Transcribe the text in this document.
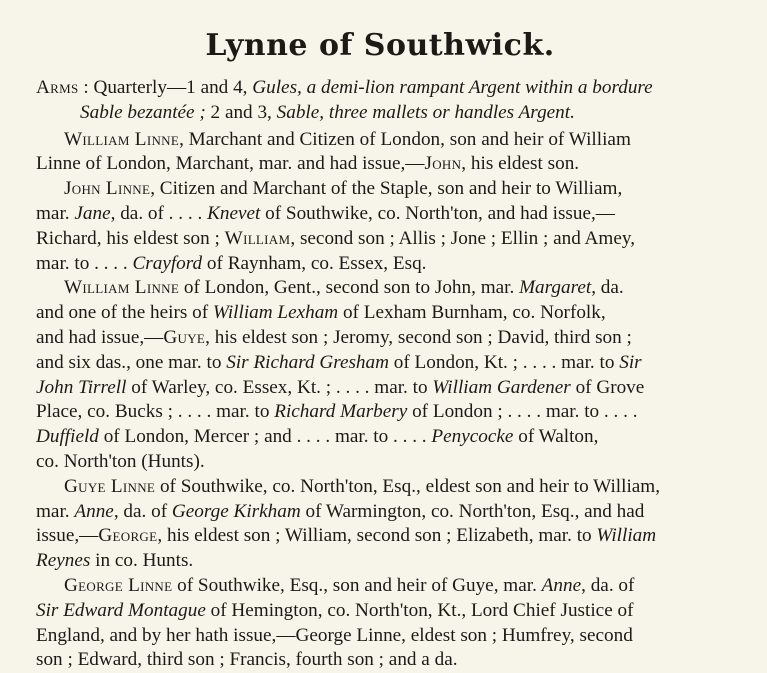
Lynne of Southwick.
Arms : Quarterly—1 and 4, Gules, a demi-lion rampant Argent within a bordure
Sable bezantée ; 2 and 3, Sable, three mallets or handles Argent.
William Linne, Marchant and Citizen of London, son and heir of William
Linne of London, Marchant, mar. and had issue,—John, his eldest son.
John Linne, Citizen and Marchant of the Staple, son and heir to William,
mar. Jane, da. of . . . . Knevet of Southwike, co. North'ton, and had issue,—
Richard, his eldest son ; William, second son ; Allis ; Jone ; Ellin ; and Amey,
mar. to . . . . Crayford of Raynham, co. Essex, Esq.
William Linne of London, Gent., second son to John, mar. Margaret, da.
and one of the heirs of William Lexham of Lexham Burnham, co. Norfolk,
and had issue,—Guye, his eldest son ; Jeromy, second son ; David, third son ;
and six das., one mar. to Sir Richard Gresham of London, Kt. ; . . . . mar. to Sir
John Tirrell of Warley, co. Essex, Kt. ; . . . . mar. to William Gardener of Grove
Place, co. Bucks ; . . . . mar. to Richard Marbery of London ; . . . . mar. to . . . .
Duffield of London, Mercer ; and . . . . mar. to . . . . Penycocke of Walton,
co. North'ton (Hunts).
Guye Linne of Southwike, co. North'ton, Esq., eldest son and heir to William,
mar. Anne, da. of George Kirkham of Warmington, co. North'ton, Esq., and had
issue,—George, his eldest son ; William, second son ; Elizabeth, mar. to William
Reynes in co. Hunts.
George Linne of Southwike, Esq., son and heir of Guye, mar. Anne, da. of
Sir Edward Montague of Hemington, co. North'ton, Kt., Lord Chief Justice of
England, and by her hath issue,—George Linne, eldest son ; Humfrey, second
son ; Edward, third son ; Francis, fourth son ; and a da.
